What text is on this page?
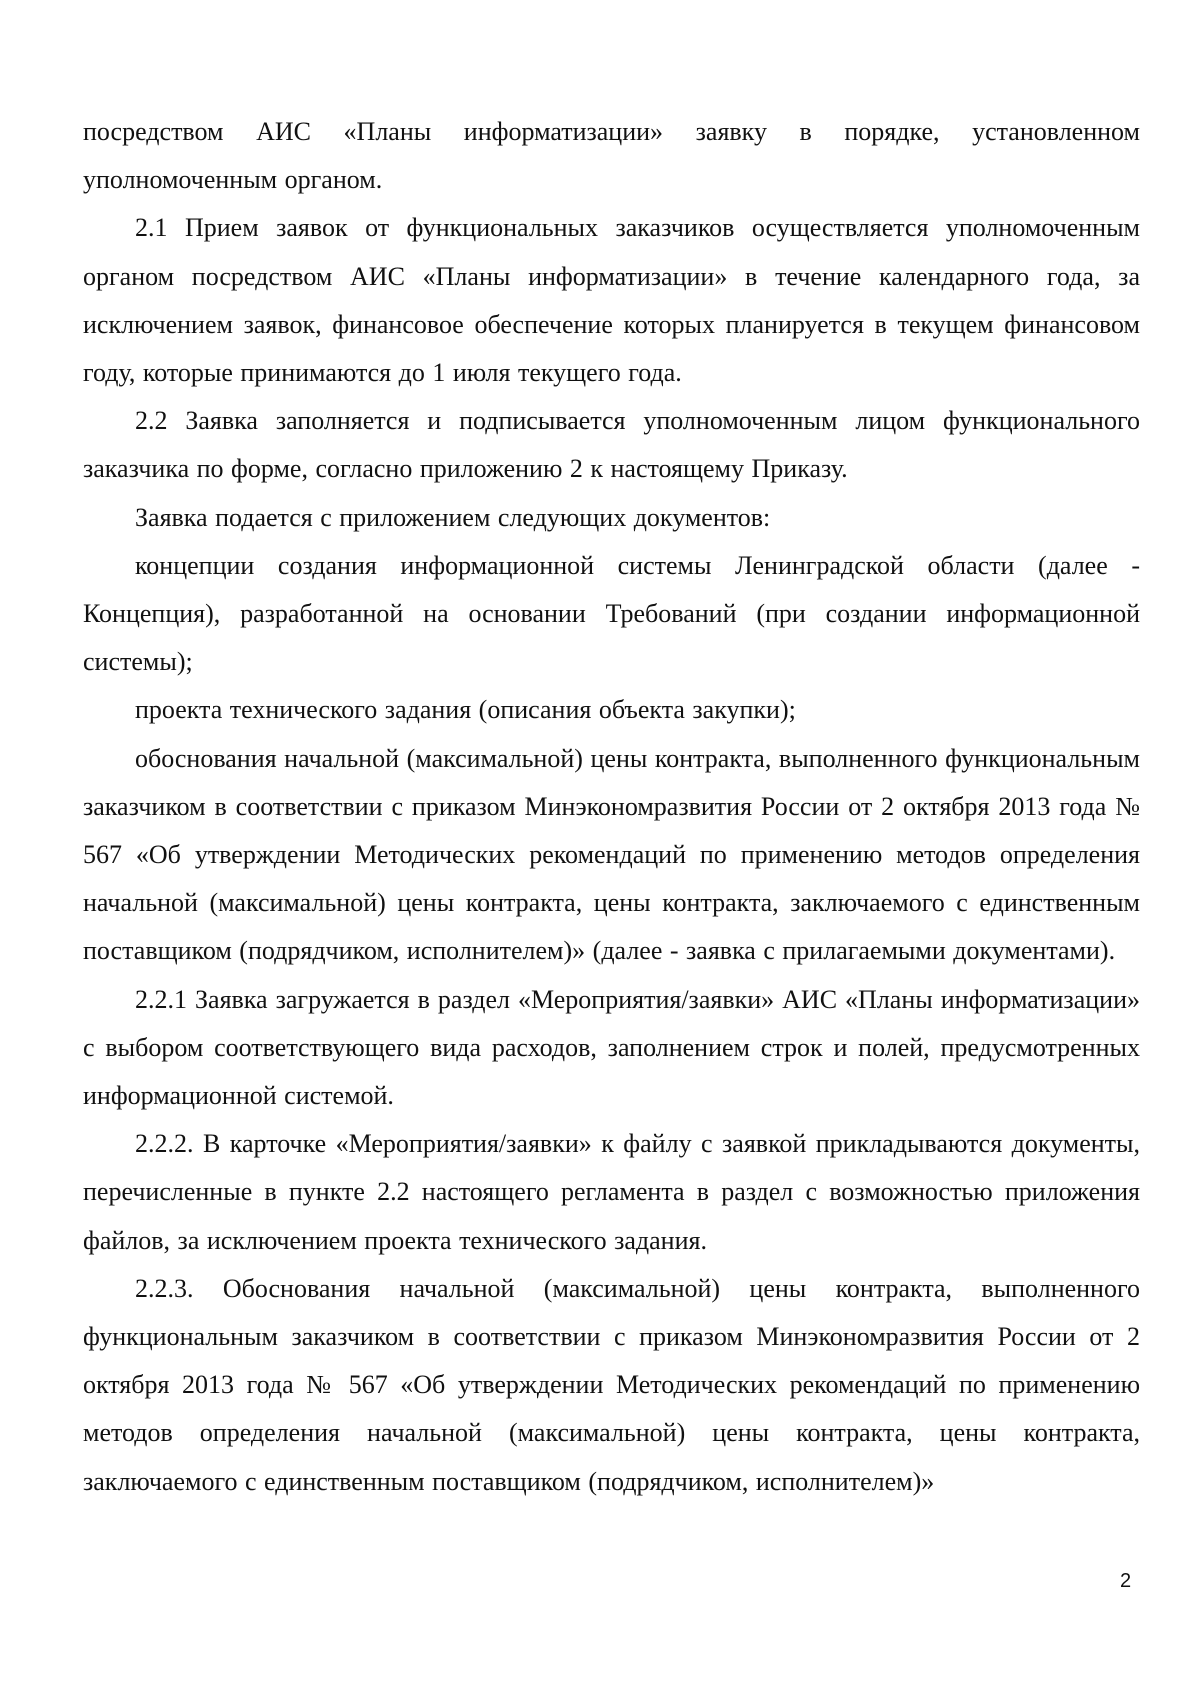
посредством АИС «Планы информатизации» заявку в порядке, установленном уполномоченным органом.

2.1 Прием заявок от функциональных заказчиков осуществляется уполномоченным органом посредством АИС «Планы информатизации» в течение календарного года, за исключением заявок, финансовое обеспечение которых планируется в текущем финансовом году, которые принимаются до 1 июля текущего года.

2.2 Заявка заполняется и подписывается уполномоченным лицом функционального заказчика по форме, согласно приложению 2 к настоящему Приказу.

Заявка подается с приложением следующих документов:

концепции создания информационной системы Ленинградской области (далее - Концепция), разработанной на основании Требований (при создании информационной системы);

проекта технического задания (описания объекта закупки);

обоснования начальной (максимальной) цены контракта, выполненного функциональным заказчиком в соответствии с приказом Минэкономразвития России от 2 октября 2013 года № 567 «Об утверждении Методических рекомендаций по применению методов определения начальной (максимальной) цены контракта, цены контракта, заключаемого с единственным поставщиком (подрядчиком, исполнителем)» (далее - заявка с прилагаемыми документами).

2.2.1 Заявка загружается в раздел «Мероприятия/заявки» АИС «Планы информатизации» с выбором соответствующего вида расходов, заполнением строк и полей, предусмотренных информационной системой.

2.2.2. В карточке «Мероприятия/заявки» к файлу с заявкой прикладываются документы, перечисленные в пункте 2.2 настоящего регламента в раздел с возможностью приложения файлов, за исключением проекта технического задания.

2.2.3. Обоснования начальной (максимальной) цены контракта, выполненного функциональным заказчиком в соответствии с приказом Минэкономразвития России от 2 октября 2013 года № 567 «Об утверждении Методических рекомендаций по применению методов определения начальной (максимальной) цены контракта, цены контракта, заключаемого с единственным поставщиком (подрядчиком, исполнителем)»

2
